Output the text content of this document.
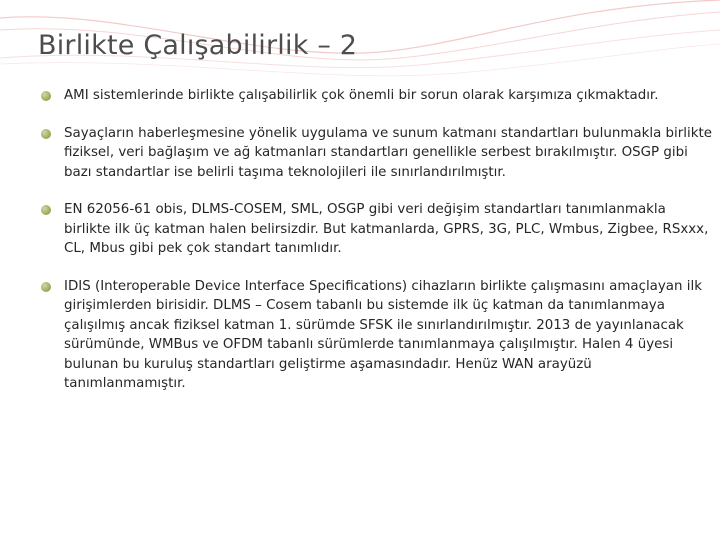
Birlikte Çalışabilirlik – 2
AMI sistemlerinde birlikte çalışabilirlik çok önemli bir sorun olarak karşımıza çıkmaktadır.
Sayaçların haberleşmesine yönelik uygulama ve sunum katmanı standartları bulunmakla birlikte fiziksel, veri bağlaşım ve ağ katmanları standartları genellikle serbest bırakılmıştır. OSGP gibi bazı standartlar ise belirli taşıma teknolojileri ile sınırlandırılmıştır.
EN 62056-61 obis, DLMS-COSEM, SML, OSGP gibi veri değişim standartları tanımlanmakla birlikte ilk üç katman halen belirsizdir. But katmanlarda, GPRS, 3G, PLC, Wmbus, Zigbee, RSxxx, CL, Mbus gibi pek çok standart tanımlıdır.
IDIS (Interoperable Device Interface Specifications) cihazların birlikte çalışmasını amaçlayan ilk girişimlerden birisidir. DLMS – Cosem tabanlı bu sistemde ilk üç katman da tanımlanmaya çalışılmış ancak fiziksel katman 1. sürümde SFSK ile sınırlandırılmıştır. 2013 de yayınlanacak sürümünde, WMBus ve OFDM tabanlı sürümlerde tanımlanmaya çalışılmıştır. Halen 4 üyesi bulunan bu kuruluş standartları geliştirme aşamasındadır. Henüz WAN arayüzü tanımlanmamıştır.
